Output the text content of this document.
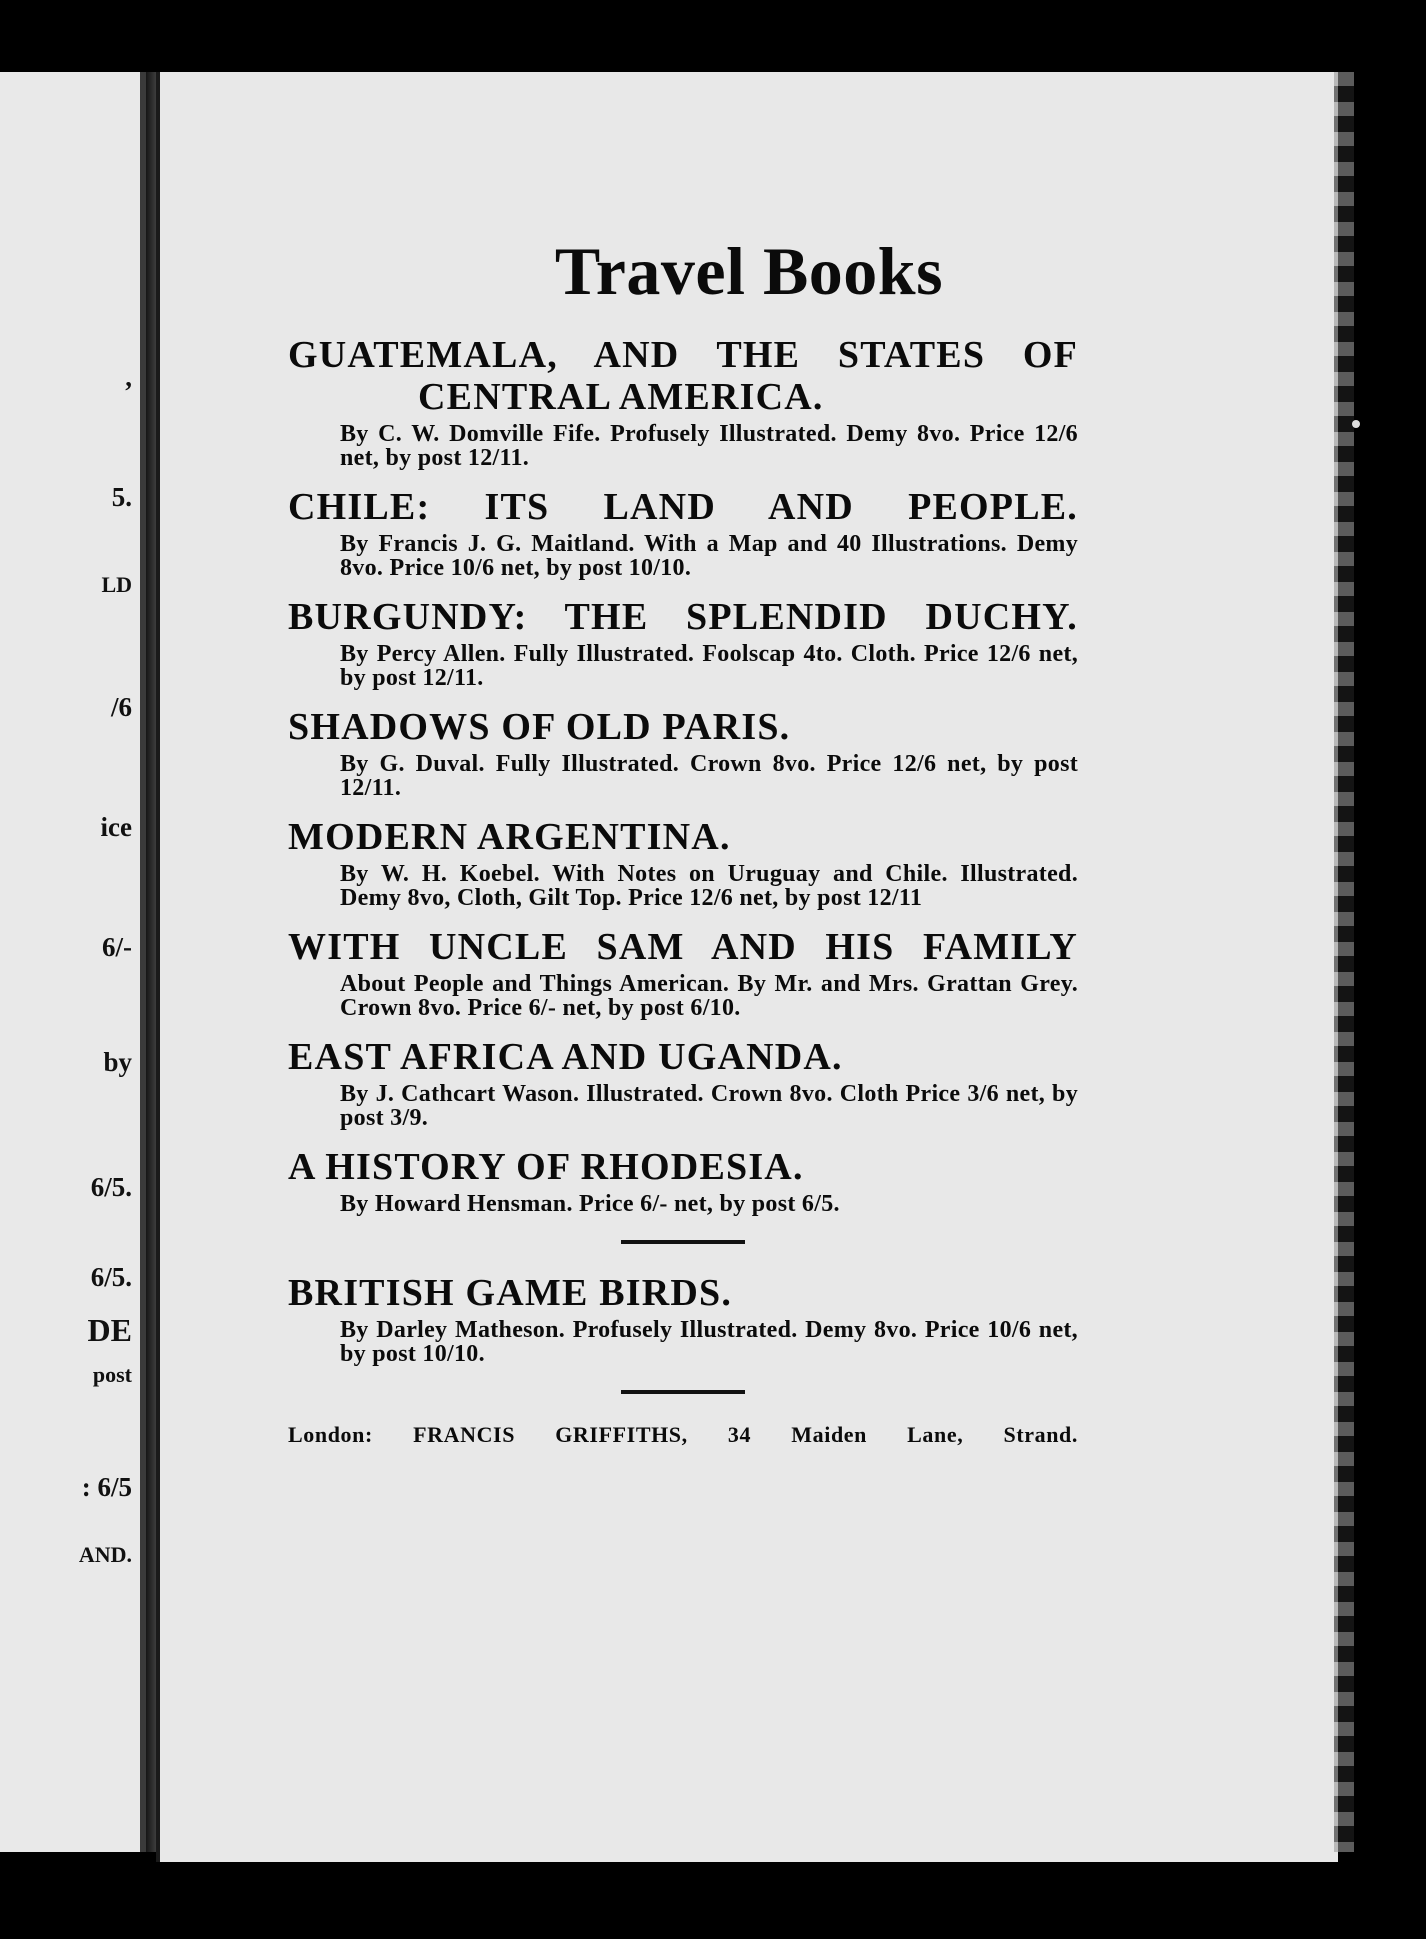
,
5.
LD
/6
ice
6/-
by
6/5.
6/5.
DE
post
: 6/5
AND.
Travel Books
GUATEMALA, AND THE STATES OF
CENTRAL AMERICA.
By C. W. Domville Fife. Profusely Illustrated. Demy 8vo. Price 12/6 net, by post 12/11.
CHILE: ITS LAND AND PEOPLE.
By Francis J. G. Maitland. With a Map and 40 Illustrations. Demy 8vo. Price 10/6 net, by post 10/10.
BURGUNDY: THE SPLENDID DUCHY.
By Percy Allen. Fully Illustrated. Foolscap 4to. Cloth. Price 12/6 net, by post 12/11.
SHADOWS OF OLD PARIS.
By G. Duval. Fully Illustrated. Crown 8vo. Price 12/6 net, by post 12/11.
MODERN ARGENTINA.
By W. H. Koebel. With Notes on Uruguay and Chile. Illustrated. Demy 8vo, Cloth, Gilt Top. Price 12/6 net, by post 12/11
WITH UNCLE SAM AND HIS FAMILY
About People and Things American. By Mr. and Mrs. Grattan Grey. Crown 8vo. Price 6/- net, by post 6/10.
EAST AFRICA AND UGANDA.
By J. Cathcart Wason. Illustrated. Crown 8vo. Cloth Price 3/6 net, by post 3/9.
A HISTORY OF RHODESIA.
By Howard Hensman. Price 6/- net, by post 6/5.
BRITISH GAME BIRDS.
By Darley Matheson. Profusely Illustrated. Demy 8vo. Price 10/6 net, by post 10/10.
London: FRANCIS GRIFFITHS, 34 Maiden Lane, Strand.
